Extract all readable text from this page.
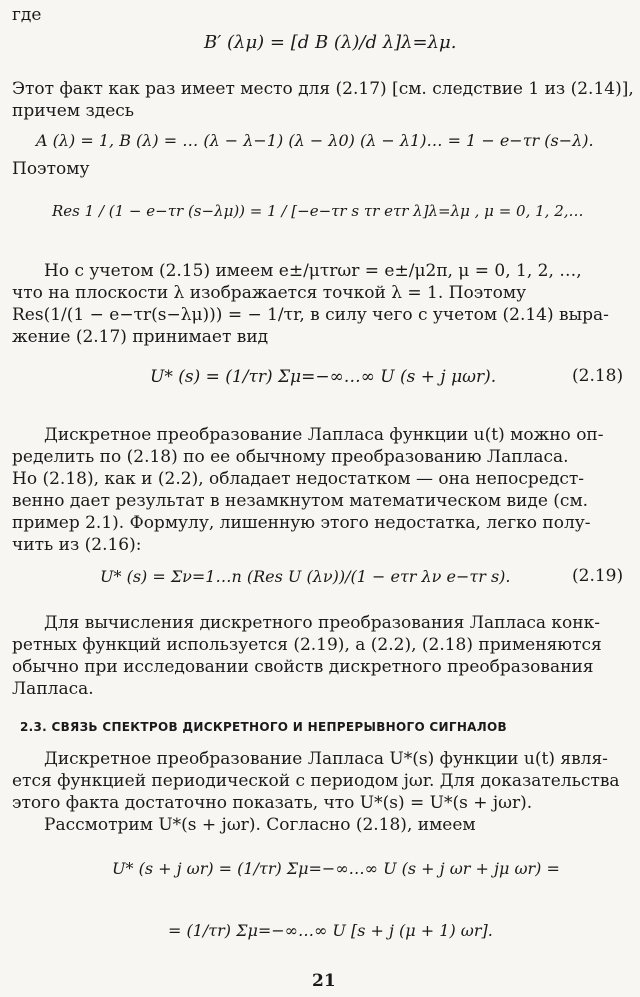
где
B′ (λμ) = [d B (λ)/d λ]λ=λμ.
Этот факт как раз имеет место для (2.17) [см. следствие 1 из (2.14)],
причем здесь
A (λ) = 1, B (λ) = … (λ − λ−1) (λ − λ0) (λ − λ1)… = 1 − e−τr (s−λ).
Поэтому
Res 1 / (1 − e−τr (s−λμ)) = 1 / [−e−τr s τr eτr λ]λ=λμ , μ = 0, 1, 2,…
Но с учетом (2.15) имеем e±/μτrωr = e±/μ2π, μ = 0, 1, 2, …,
что на плоскости λ изображается точкой λ = 1. Поэтому
Res(1/(1 − e−τr(s−λμ))) = − 1/τr, в силу чего с учетом (2.14) выра-
жение (2.17) принимает вид
U* (s) = (1/τr) Σμ=−∞…∞ U (s + j μωr).	(2.18)
Дискретное преобразование Лапласа функции u(t) можно оп-
ределить по (2.18) по ее обычному преобразованию Лапласа.
Но (2.18), как и (2.2), обладает недостатком — она непосредст-
венно дает результат в незамкнутом математическом виде (см.
пример 2.1). Формулу, лишенную этого недостатка, легко полу-
чить из (2.16):
U* (s) = Σν=1…n (Res U (λν))/(1 − eτr λν e−τr s).	(2.19)
Для вычисления дискретного преобразования Лапласа конк-
ретных функций используется (2.19), а (2.2), (2.18) применяются
обычно при исследовании свойств дискретного преобразования
Лапласа.
2.3. СВЯЗЬ СПЕКТРОВ ДИСКРЕТНОГО И НЕПРЕРЫВНОГО СИГНАЛОВ
Дискретное преобразование Лапласа U*(s) функции u(t) явля-
ется функцией периодической с периодом jωr. Для доказательства
этого факта достаточно показать, что U*(s) = U*(s + jωr).
Рассмотрим U*(s + jωr). Согласно (2.18), имеем
U* (s + j ωr) = (1/τr) Σμ=−∞…∞ U (s + j ωr + jμ ωr) =
= (1/τr) Σμ=−∞…∞ U [s + j (μ + 1) ωr].
21
